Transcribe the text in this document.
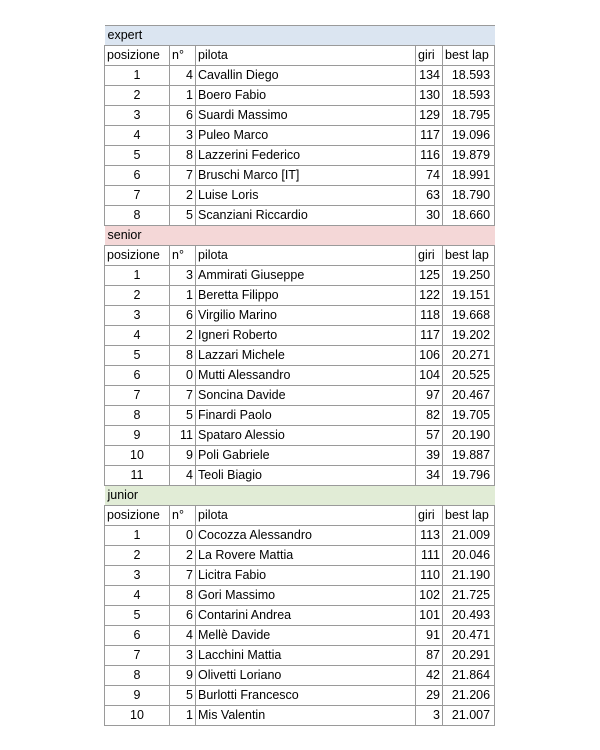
expert				
posizione	n°	pilota	giri	best lap
1	4	Cavallin Diego	134	18.593
2	1	Boero Fabio	130	18.593
3	6	Suardi Massimo	129	18.795
4	3	Puleo Marco	117	19.096
5	8	Lazzerini Federico	116	19.879
6	7	Bruschi Marco [IT]	74	18.991
7	2	Luise Loris	63	18.790
8	5	Scanziani Riccardio	30	18.660
senior				
posizione	n°	pilota	giri	best lap
1	3	Ammirati Giuseppe	125	19.250
2	1	Beretta Filippo	122	19.151
3	6	Virgilio Marino	118	19.668
4	2	Igneri Roberto	117	19.202
5	8	Lazzari Michele	106	20.271
6	0	Mutti Alessandro	104	20.525
7	7	Soncina Davide	97	20.467
8	5	Finardi Paolo	82	19.705
9	11	Spataro Alessio	57	20.190
10	9	Poli Gabriele	39	19.887
11	4	Teoli Biagio	34	19.796
junior				
posizione	n°	pilota	giri	best lap
1	0	Cocozza Alessandro	113	21.009
2	2	La Rovere Mattia	111	20.046
3	7	Licitra Fabio	110	21.190
4	8	Gori Massimo	102	21.725
5	6	Contarini Andrea	101	20.493
6	4	Mellè Davide	91	20.471
7	3	Lacchini Mattia	87	20.291
8	9	Olivetti Loriano	42	21.864
9	5	Burlotti Francesco	29	21.206
10	1	Mis Valentin	3	21.007
